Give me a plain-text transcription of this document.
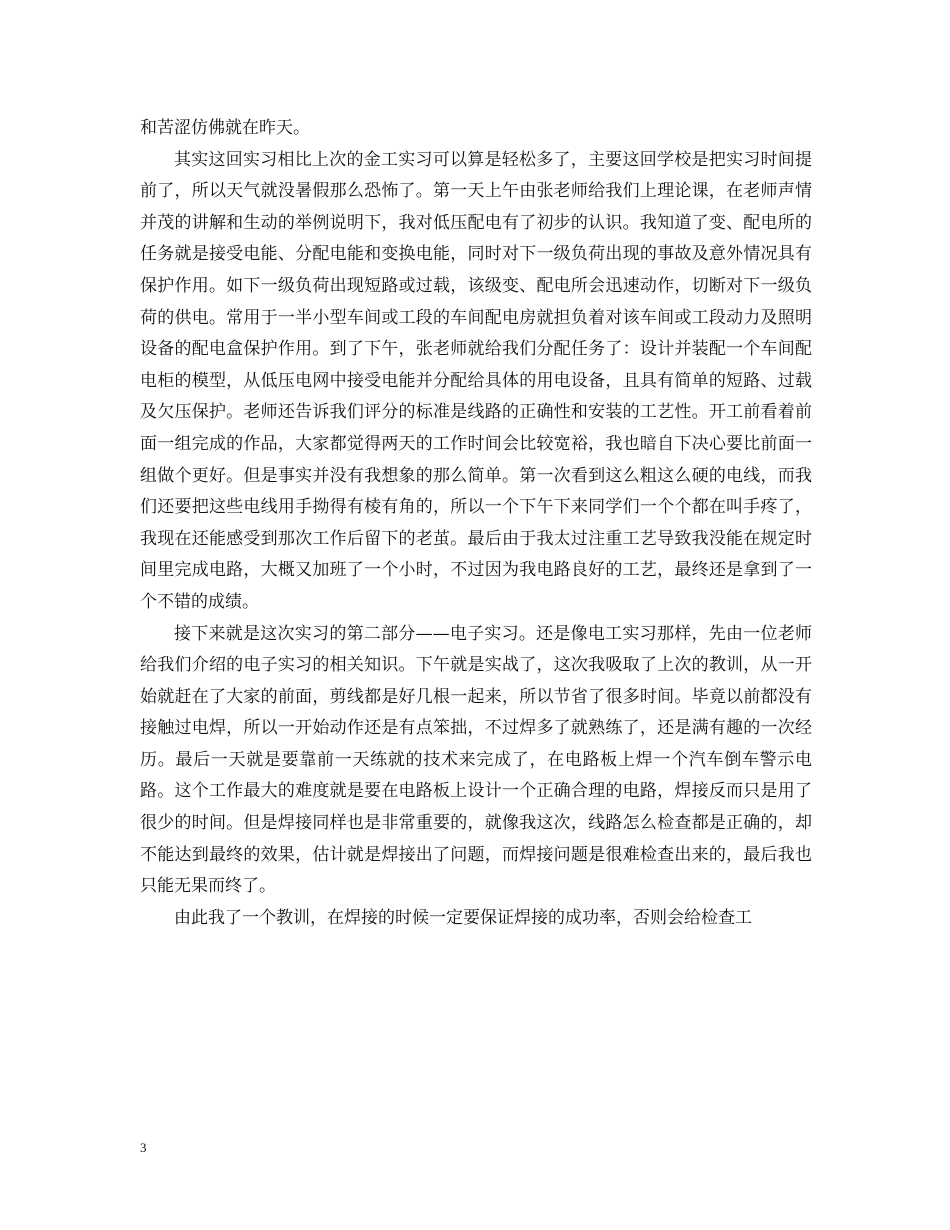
和苦涩仿佛就在昨天。

其实这回实习相比上次的金工实习可以算是轻松多了，主要这回学校是把实习时间提前了，所以天气就没暑假那么恐怖了。第一天上午由张老师给我们上理论课，在老师声情并茂的讲解和生动的举例说明下，我对低压配电有了初步的认识。我知道了变、配电所的任务就是接受电能、分配电能和变换电能，同时对下一级负荷出现的事故及意外情况具有保护作用。如下一级负荷出现短路或过载，该级变、配电所会迅速动作，切断对下一级负荷的供电。常用于一半小型车间或工段的车间配电房就担负着对该车间或工段动力及照明设备的配电盒保护作用。到了下午，张老师就给我们分配任务了：设计并装配一个车间配电柜的模型，从低压电网中接受电能并分配给具体的用电设备，且具有简单的短路、过载及欠压保护。老师还告诉我们评分的标准是线路的正确性和安装的工艺性。开工前看着前面一组完成的作品，大家都觉得两天的工作时间会比较宽裕，我也暗自下决心要比前面一组做个更好。但是事实并没有我想象的那么简单。第一次看到这么粗这么硬的电线，而我们还要把这些电线用手拗得有棱有角的，所以一个下午下来同学们一个个都在叫手疼了，我现在还能感受到那次工作后留下的老茧。最后由于我太过注重工艺导致我没能在规定时间里完成电路，大概又加班了一个小时，不过因为我电路良好的工艺，最终还是拿到了一个不错的成绩。

接下来就是这次实习的第二部分——电子实习。还是像电工实习那样，先由一位老师给我们介绍的电子实习的相关知识。下午就是实战了，这次我吸取了上次的教训，从一开始就赶在了大家的前面，剪线都是好几根一起来，所以节省了很多时间。毕竟以前都没有接触过电焊，所以一开始动作还是有点笨拙，不过焊多了就熟练了，还是满有趣的一次经历。最后一天就是要靠前一天练就的技术来完成了，在电路板上焊一个汽车倒车警示电路。这个工作最大的难度就是要在电路板上设计一个正确合理的电路，焊接反而只是用了很少的时间。但是焊接同样也是非常重要的，就像我这次，线路怎么检查都是正确的，却不能达到最终的效果，估计就是焊接出了问题，而焊接问题是很难检查出来的，最后我也只能无果而终了。

由此我了一个教训，在焊接的时候一定要保证焊接的成功率，否则会给检查工

3
